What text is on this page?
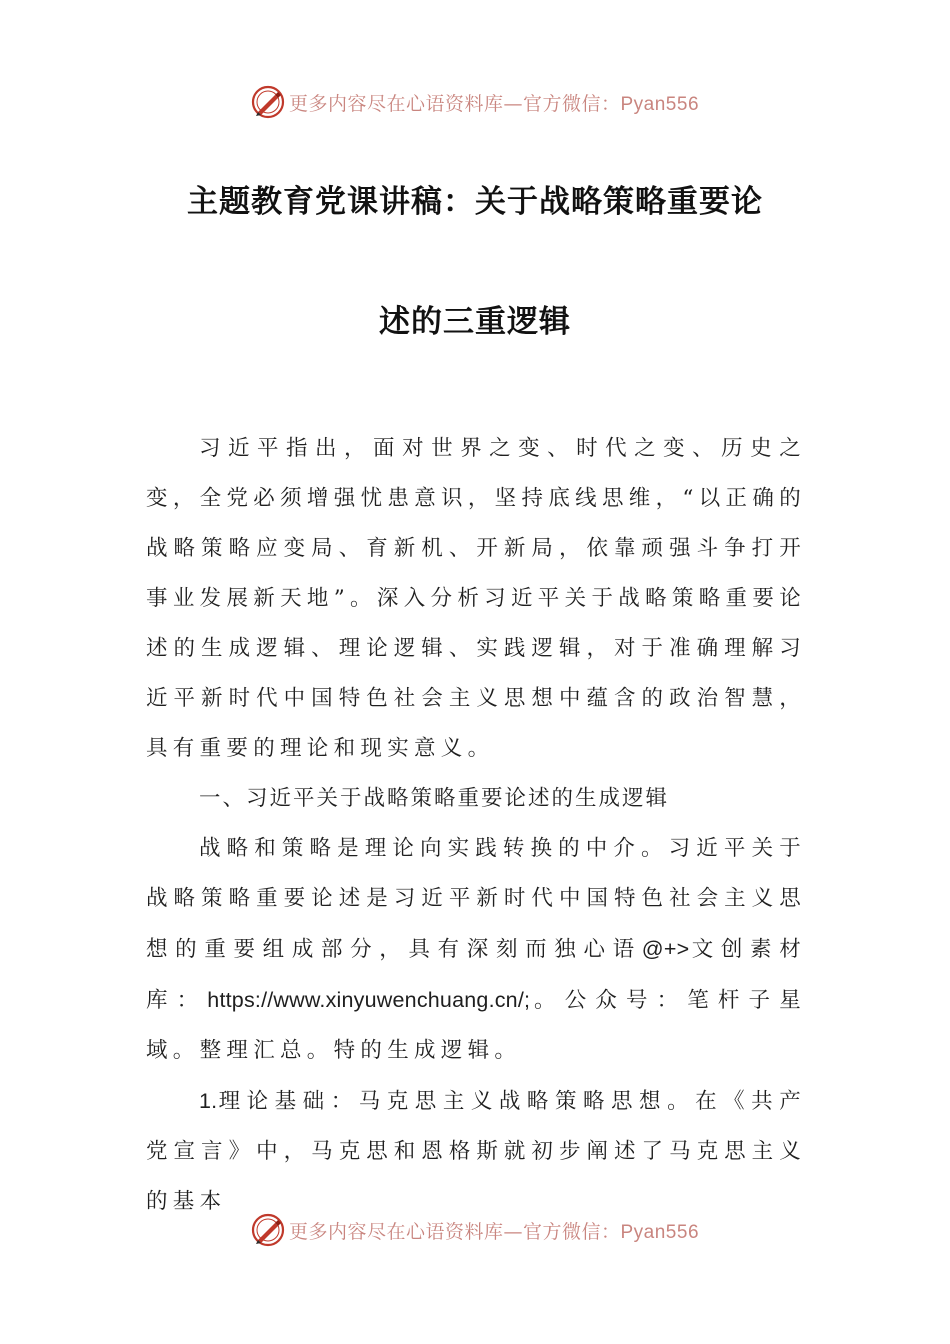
更多内容尽在心语资料库—官方微信：Pyan556
主题教育党课讲稿：关于战略策略重要论
述的三重逻辑

习近平指出，面对世界之变、时代之变、历史之变，全党必须增强忧患意识，坚持底线思维，“以正确的战略策略应变局、育新机、开新局，依靠顽强斗争打开事业发展新天地”。深入分析习近平关于战略策略重要论述的生成逻辑、理论逻辑、实践逻辑，对于准确理解习近平新时代中国特色社会主义思想中蕴含的政治智慧，具有重要的理论和现实意义。

一、习近平关于战略策略重要论述的生成逻辑

战略和策略是理论向实践转换的中介。习近平关于战略策略重要论述是习近平新时代中国特色社会主义思想的重要组成部分，具有深刻而独心语@+>文创素材库：https://www.xinyuwenchuang.cn/;。公众号：笔杆子星域。整理汇总。特的生成逻辑。

1.理论基础：马克思主义战略策略思想。在《共产党宣言》中，马克思和恩格斯就初步阐述了马克思主义的基本

更多内容尽在心语资料库—官方微信：Pyan556
